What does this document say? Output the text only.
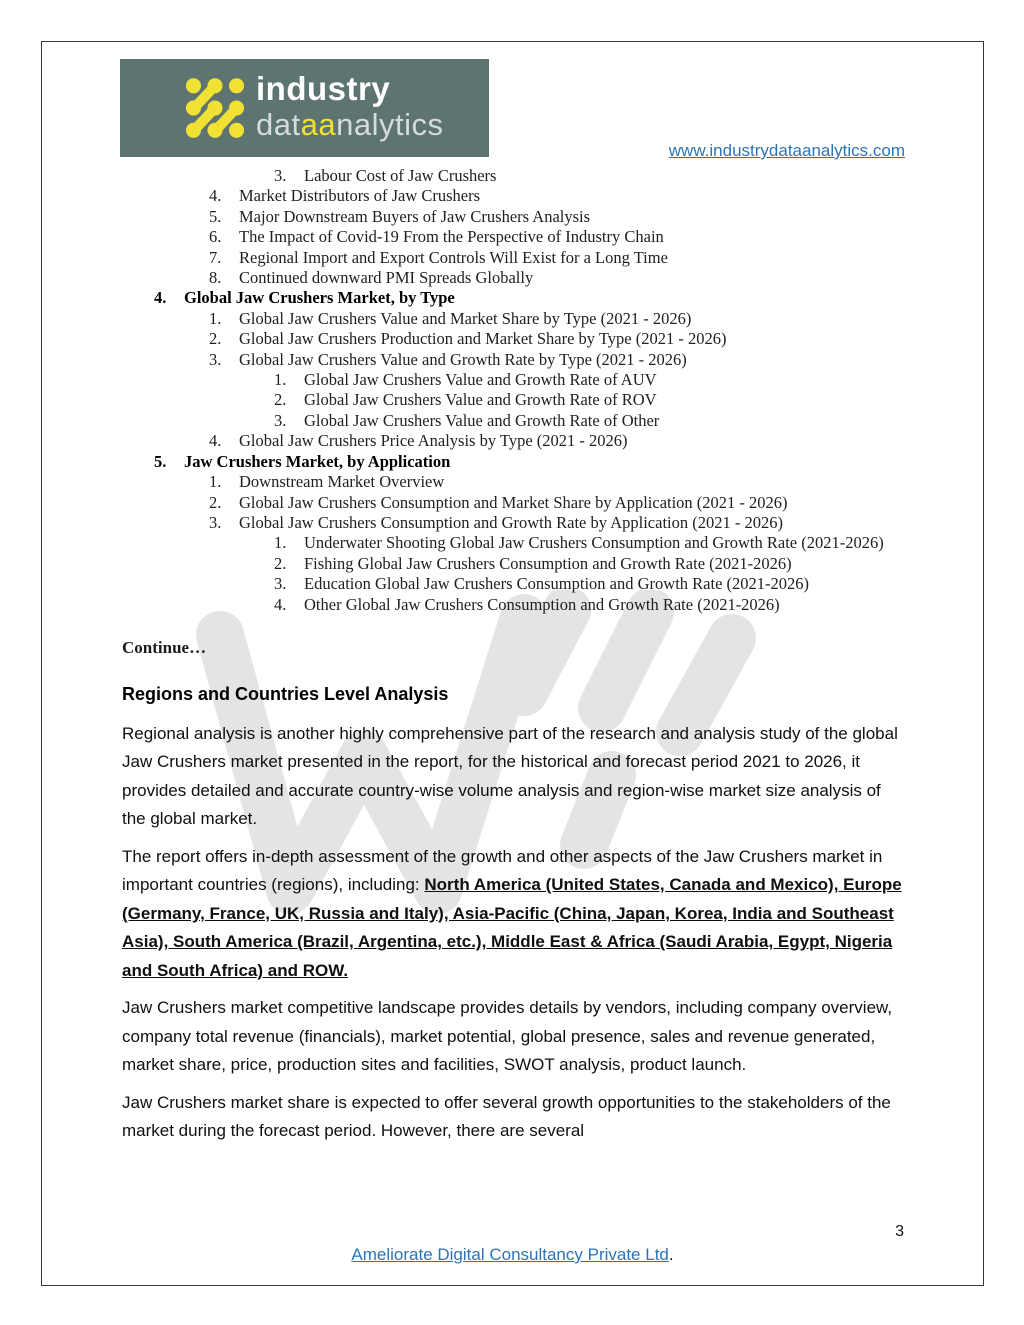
industry
dataanalytics
www.industrydataanalytics.com
3.	Labour Cost of Jaw Crushers
4.	Market Distributors of Jaw Crushers
5.	Major Downstream Buyers of Jaw Crushers Analysis
6.	The Impact of Covid-19 From the Perspective of Industry Chain
7.	Regional Import and Export Controls Will Exist for a Long Time
8.	Continued downward PMI Spreads Globally
4.	Global Jaw Crushers Market, by Type
1.	Global Jaw Crushers Value and Market Share by Type (2021 - 2026)
2.	Global Jaw Crushers Production and Market Share by Type (2021 - 2026)
3.	Global Jaw Crushers Value and Growth Rate by Type (2021 - 2026)
1.	Global Jaw Crushers Value and Growth Rate of AUV
2.	Global Jaw Crushers Value and Growth Rate of ROV
3.	Global Jaw Crushers Value and Growth Rate of Other
4.	Global Jaw Crushers Price Analysis by Type (2021 - 2026)
5.	Jaw Crushers Market, by Application
1.	Downstream Market Overview
2.	Global Jaw Crushers Consumption and Market Share by Application (2021 - 2026)
3.	Global Jaw Crushers Consumption and Growth Rate by Application (2021 - 2026)
1.	Underwater Shooting Global Jaw Crushers Consumption and Growth Rate (2021-2026)
2.	Fishing Global Jaw Crushers Consumption and Growth Rate (2021-2026)
3.	Education Global Jaw Crushers Consumption and Growth Rate (2021-2026)
4.	Other Global Jaw Crushers Consumption and Growth Rate (2021-2026)
Continue…
Regions and Countries Level Analysis
Regional analysis is another highly comprehensive part of the research and analysis study of the global Jaw Crushers market presented in the report, for the historical and forecast period 2021 to 2026, it provides detailed and accurate country-wise volume analysis and region-wise market size analysis of the global market.
The report offers in-depth assessment of the growth and other aspects of the Jaw Crushers market in important countries (regions), including: North America (United States, Canada and Mexico), Europe (Germany, France, UK, Russia and Italy), Asia-Pacific (China, Japan, Korea, India and Southeast Asia), South America (Brazil, Argentina, etc.), Middle East & Africa (Saudi Arabia, Egypt, Nigeria and South Africa) and ROW.
Jaw Crushers market competitive landscape provides details by vendors, including company overview, company total revenue (financials), market potential, global presence, sales and revenue generated, market share, price, production sites and facilities, SWOT analysis, product launch.
Jaw Crushers market share is expected to offer several growth opportunities to the stakeholders of the market during the forecast period. However, there are several
3
Ameliorate Digital Consultancy Private Ltd.
